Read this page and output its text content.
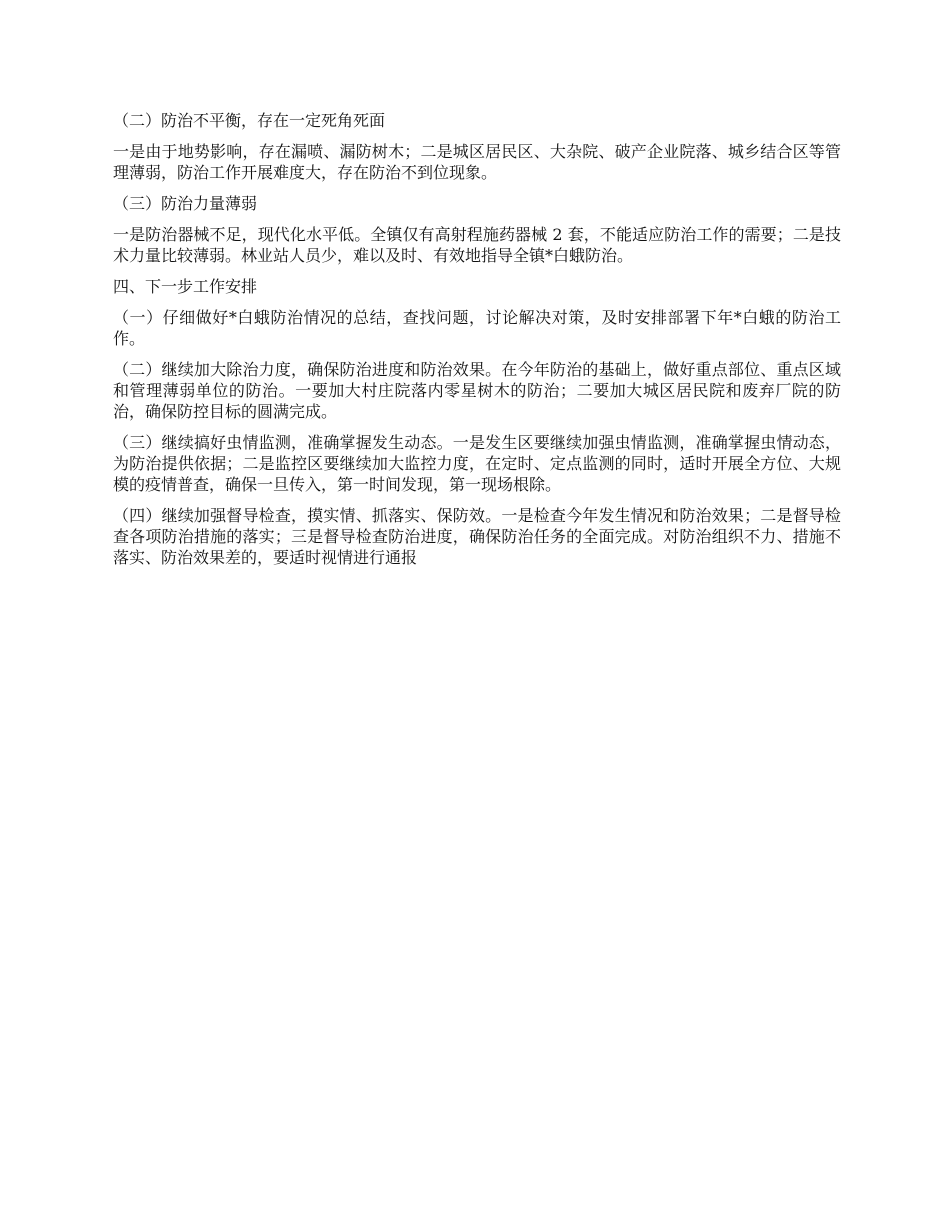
（二）防治不平衡，存在一定死角死面

一是由于地势影响，存在漏喷、漏防树木；二是城区居民区、大杂院、破产企业院落、城乡结合区等管理薄弱，防治工作开展难度大，存在防治不到位现象。

（三）防治力量薄弱

一是防治器械不足，现代化水平低。全镇仅有高射程施药器械 2 套，不能适应防治工作的需要；二是技术力量比较薄弱。林业站人员少，难以及时、有效地指导全镇*白蛾防治。

四、下一步工作安排

（一）仔细做好*白蛾防治情况的总结，查找问题，讨论解决对策，及时安排部署下年*白蛾的防治工作。

（二）继续加大除治力度，确保防治进度和防治效果。在今年防治的基础上，做好重点部位、重点区域和管理薄弱单位的防治。一要加大村庄院落内零星树木的防治；二要加大城区居民院和废弃厂院的防治，确保防控目标的圆满完成。

（三）继续搞好虫情监测，准确掌握发生动态。一是发生区要继续加强虫情监测，准确掌握虫情动态，为防治提供依据；二是监控区要继续加大监控力度，在定时、定点监测的同时，适时开展全方位、大规模的疫情普查，确保一旦传入，第一时间发现，第一现场根除。

（四）继续加强督导检查，摸实情、抓落实、保防效。一是检查今年发生情况和防治效果；二是督导检查各项防治措施的落实；三是督导检查防治进度，确保防治任务的全面完成。对防治组织不力、措施不落实、防治效果差的，要适时视情进行通报
